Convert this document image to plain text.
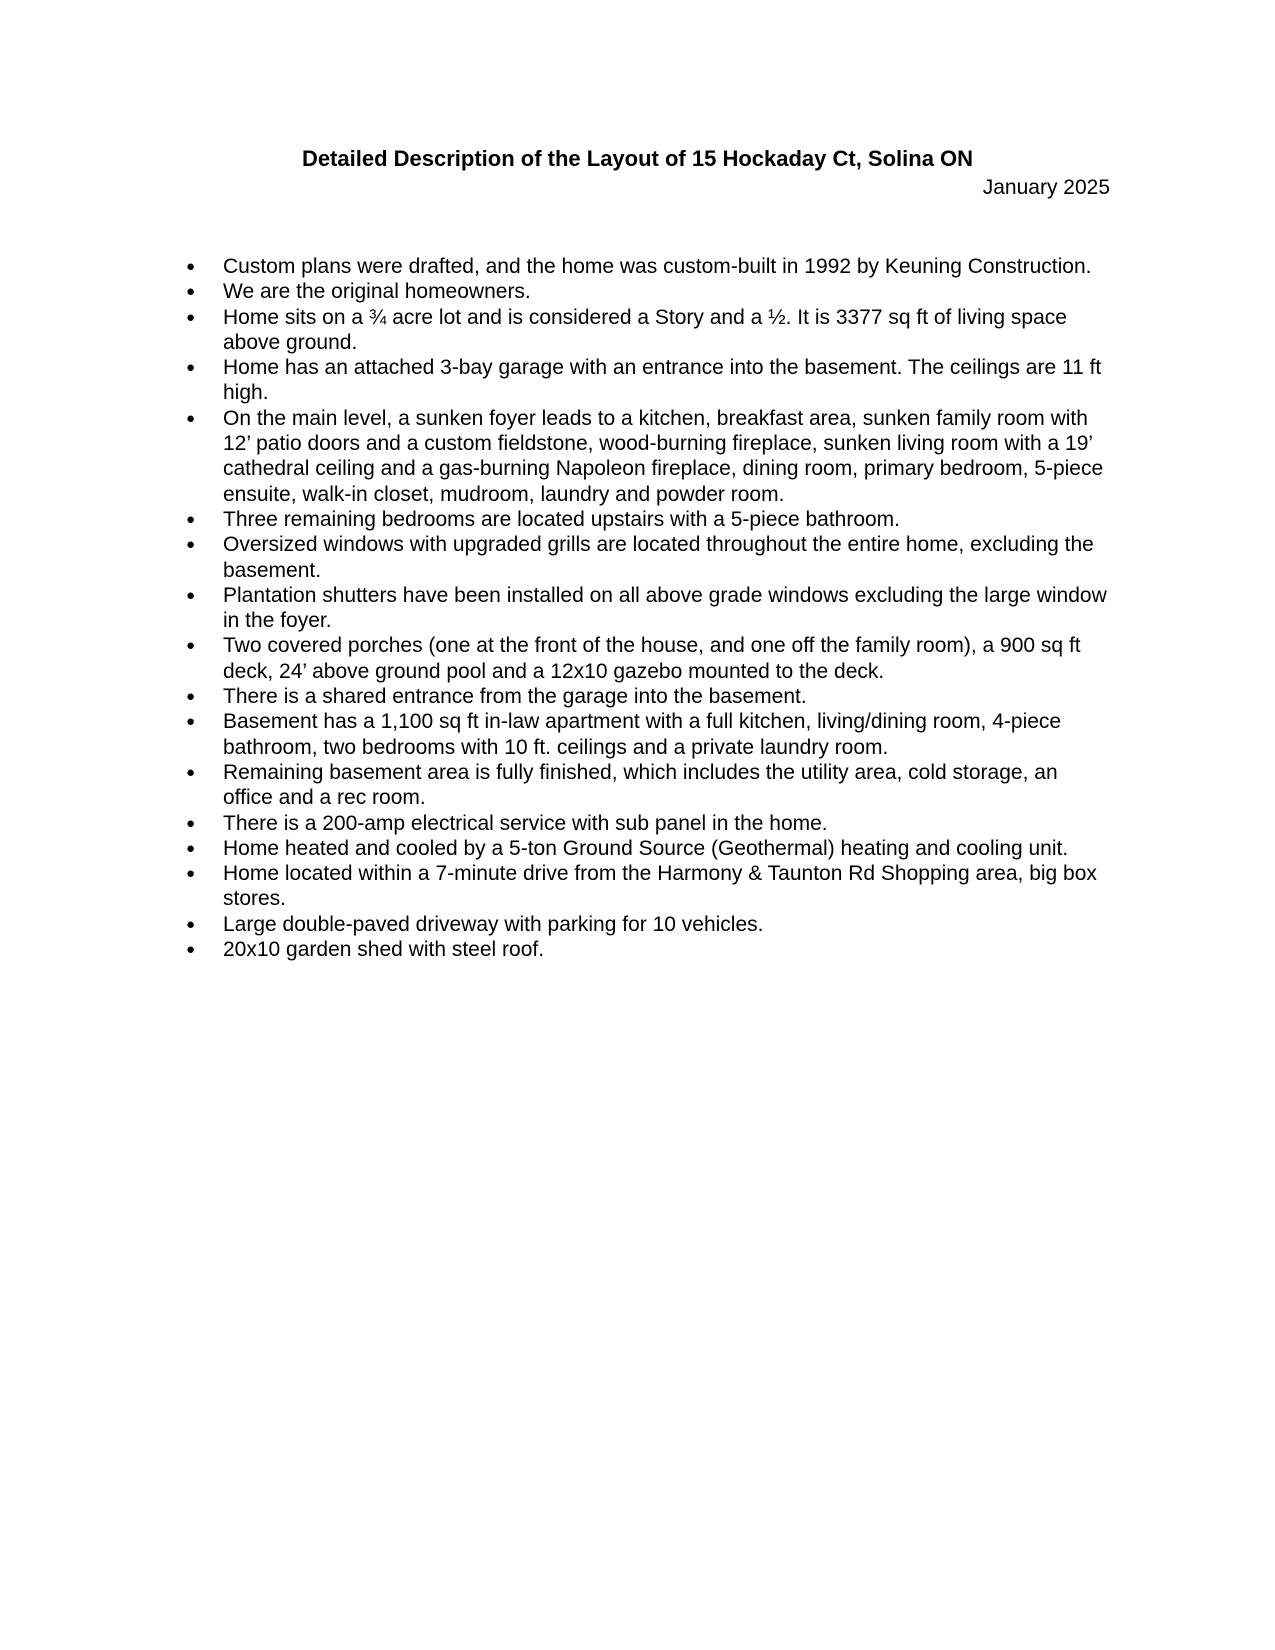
Detailed Description of the Layout of 15 Hockaday Ct, Solina ON
January 2025
● Custom plans were drafted, and the home was custom-built in 1992 by Keuning Construction.
● We are the original homeowners.
● Home sits on a ¾ acre lot and is considered a Story and a ½. It is 3377 sq ft of living space above ground.
● Home has an attached 3-bay garage with an entrance into the basement. The ceilings are 11 ft high.
● On the main level, a sunken foyer leads to a kitchen, breakfast area, sunken family room with 12’ patio doors and a custom fieldstone, wood-burning fireplace, sunken living room with a 19’ cathedral ceiling and a gas-burning Napoleon fireplace, dining room, primary bedroom, 5-piece ensuite, walk-in closet, mudroom, laundry and powder room.
● Three remaining bedrooms are located upstairs with a 5-piece bathroom.
● Oversized windows with upgraded grills are located throughout the entire home, excluding the basement.
● Plantation shutters have been installed on all above grade windows excluding the large window in the foyer.
● Two covered porches (one at the front of the house, and one off the family room), a 900 sq ft deck, 24’ above ground pool and a 12x10 gazebo mounted to the deck.
● There is a shared entrance from the garage into the basement.
● Basement has a 1,100 sq ft in-law apartment with a full kitchen, living/dining room, 4-piece bathroom, two bedrooms with 10 ft. ceilings and a private laundry room.
● Remaining basement area is fully finished, which includes the utility area, cold storage, an office and a rec room.
● There is a 200-amp electrical service with sub panel in the home.
● Home heated and cooled by a 5-ton Ground Source (Geothermal) heating and cooling unit.
● Home located within a 7-minute drive from the Harmony & Taunton Rd Shopping area, big box stores.
● Large double-paved driveway with parking for 10 vehicles.
● 20x10 garden shed with steel roof.
